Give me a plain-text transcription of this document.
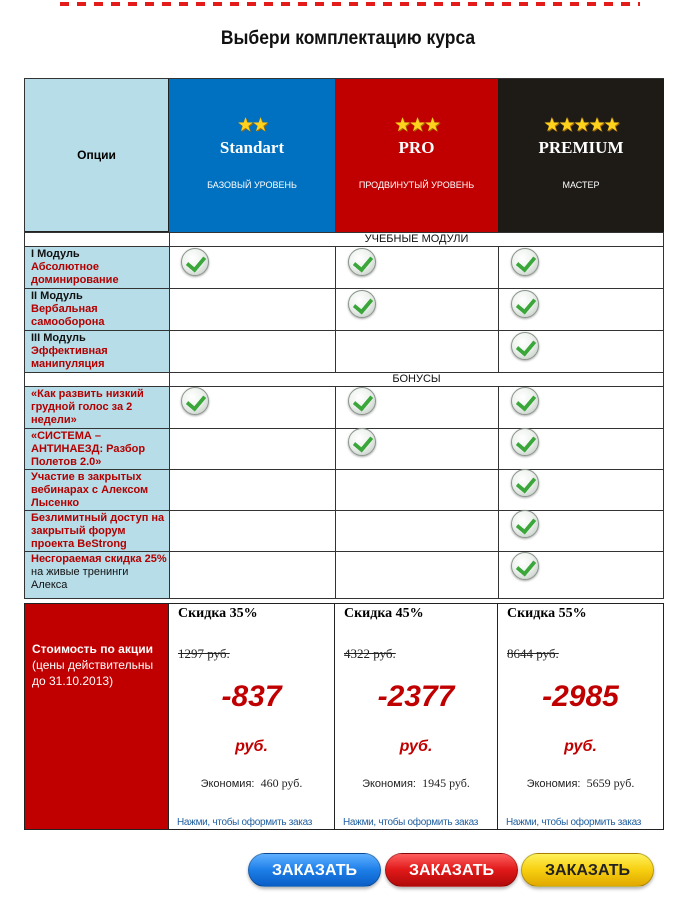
Выбери комплектацию курса
Опции
★★
Standart
БАЗОВЫЙ УРОВЕНЬ
★★★
PRO
ПРОДВИНУТЫЙ УРОВЕНЬ
★★★★★
PREMIUM
МАСТЕР
УЧЕБНЫЕ МОДУЛИ
БОНУСЫ
I Модуль
Абсолютное доминирование
II Модуль
Вербальная самооборона
III Модуль
Эффективная манипуляция
«Как развить низкий грудной голос за 2 недели»
«СИСТЕМА – АНТИНАЕЗД: Разбор Полетов 2.0»
Участие в закрытых вебинарах с Алексом Лысенко
Безлимитный доступ на закрытый форум проекта BeStrong
Несгораемая скидка 25% на живые тренинги Алекса
Стоимость по акции (цены действительны до 31.10.2013)
Скидка 35%
1297 руб.
-837
руб.
Экономия: 460 руб.
Нажми, чтобы оформить заказ
Скидка 45%
4322 руб.
-2377
руб.
Экономия: 1945 руб.
Нажми, чтобы оформить заказ
Скидка 55%
8644 руб.
-2985
руб.
Экономия: 5659 руб.
Нажми, чтобы оформить заказ
ЗАКАЗАТЬ	ЗАКАЗАТЬ	ЗАКАЗАТЬ
